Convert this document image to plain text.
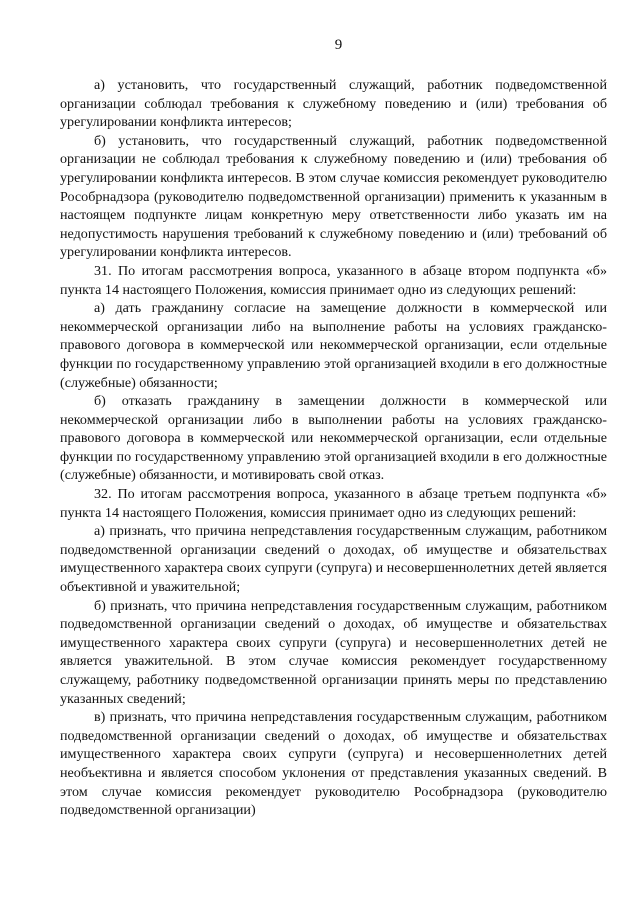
9

а) установить, что государственный служащий, работник подведомственной организации соблюдал требования к служебному поведению и (или) требования об урегулировании конфликта интересов;

б) установить, что государственный служащий, работник подведомственной организации не соблюдал требования к служебному поведению и (или) требования об урегулировании конфликта интересов. В этом случае комиссия рекомендует руководителю Рособрнадзора (руководителю подведомственной организации) применить к указанным в настоящем подпункте лицам конкретную меру ответственности либо указать им на недопустимость нарушения требований к служебному поведению и (или) требований об урегулировании конфликта интересов.

31. По итогам рассмотрения вопроса, указанного в абзаце втором подпункта «б» пункта 14 настоящего Положения, комиссия принимает одно из следующих решений:

а) дать гражданину согласие на замещение должности в коммерческой или некоммерческой организации либо на выполнение работы на условиях гражданско-правового договора в коммерческой или некоммерческой организации, если отдельные функции по государственному управлению этой организацией входили в его должностные (служебные) обязанности;

б) отказать гражданину в замещении должности в коммерческой или некоммерческой организации либо в выполнении работы на условиях гражданско-правового договора в коммерческой или некоммерческой организации, если отдельные функции по государственному управлению этой организацией входили в его должностные (служебные) обязанности, и мотивировать свой отказ.

32. По итогам рассмотрения вопроса, указанного в абзаце третьем подпункта «б» пункта 14 настоящего Положения, комиссия принимает одно из следующих решений:

а) признать, что причина непредставления государственным служащим, работником подведомственной организации сведений о доходах, об имуществе и обязательствах имущественного характера своих супруги (супруга) и несовершеннолетних детей является объективной и уважительной;

б) признать, что причина непредставления государственным служащим, работником подведомственной организации сведений о доходах, об имуществе и обязательствах имущественного характера своих супруги (супруга) и несовершеннолетних детей не является уважительной. В этом случае комиссия рекомендует государственному служащему, работнику подведомственной организации принять меры по представлению указанных сведений;

в) признать, что причина непредставления государственным служащим, работником подведомственной организации сведений о доходах, об имуществе и обязательствах имущественного характера своих супруги (супруга) и несовершеннолетних детей необъективна и является способом уклонения от представления указанных сведений. В этом случае комиссия рекомендует руководителю Рособрнадзора (руководителю подведомственной организации)
